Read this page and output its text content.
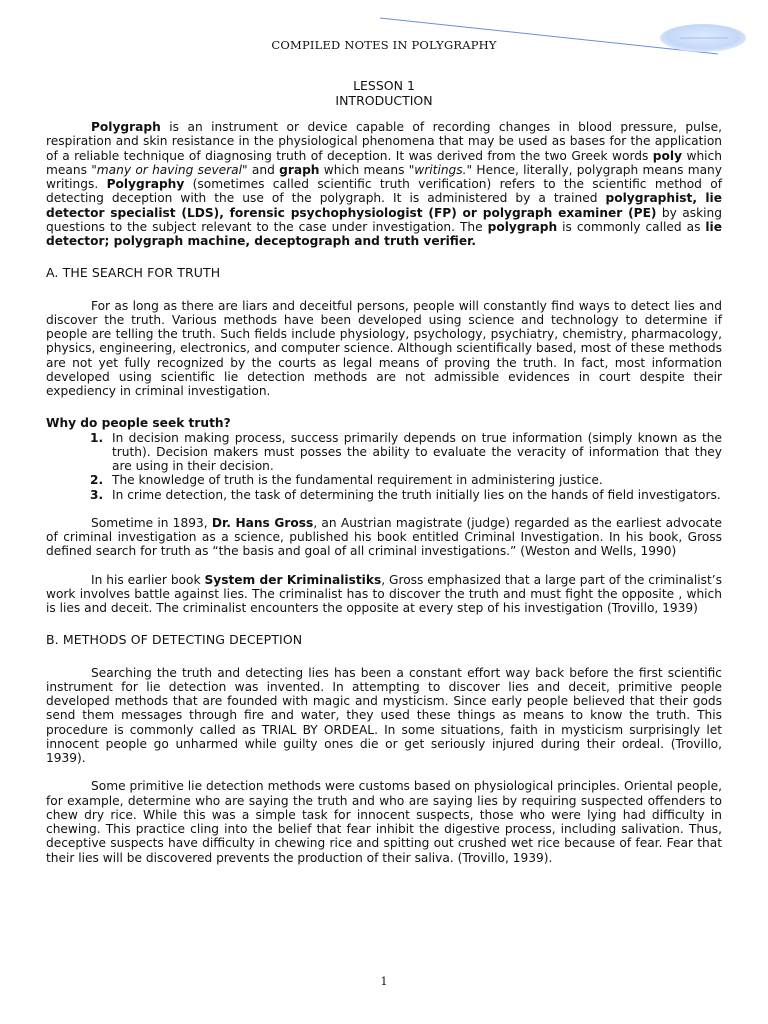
COMPILED NOTES IN POLYGRAPHY
LESSON 1
INTRODUCTION

Polygraph is an instrument or device capable of recording changes in blood pressure, pulse, respiration and skin resistance in the physiological phenomena that may be used as bases for the application of a reliable technique of diagnosing truth of deception. It was derived from the two Greek words poly which means "many or having several" and graph which means "writings." Hence, literally, polygraph means many writings. Polygraphy (sometimes called scientific truth verification) refers to the scientific method of detecting deception with the use of the polygraph. It is administered by a trained polygraphist, lie detector specialist (LDS), forensic psychophysiologist (FP) or polygraph examiner (PE) by asking questions to the subject relevant to the case under investigation. The polygraph is commonly called as lie detector; polygraph machine, deceptograph and truth verifier.

A. THE SEARCH FOR TRUTH

For as long as there are liars and deceitful persons, people will constantly find ways to detect lies and discover the truth. Various methods have been developed using science and technology to determine if people are telling the truth. Such fields include physiology, psychology, psychiatry, chemistry, pharmacology, physics, engineering, electronics, and computer science. Although scientifically based, most of these methods are not yet fully recognized by the courts as legal means of proving the truth. In fact, most information developed using scientific lie detection methods are not admissible evidences in court despite their expediency in criminal investigation.

Why do people seek truth?
1. In decision making process, success primarily depends on true information (simply known as the truth). Decision makers must posses the ability to evaluate the veracity of information that they are using in their decision.
2. The knowledge of truth is the fundamental requirement in administering justice.
3. In crime detection, the task of determining the truth initially lies on the hands of field investigators.

Sometime in 1893, Dr. Hans Gross, an Austrian magistrate (judge) regarded as the earliest advocate of criminal investigation as a science, published his book entitled Criminal Investigation. In his book, Gross defined search for truth as “the basis and goal of all criminal investigations.” (Weston and Wells, 1990)

In his earlier book System der Kriminalistiks, Gross emphasized that a large part of the criminalist’s work involves battle against lies. The criminalist has to discover the truth and must fight the opposite , which is lies and deceit. The criminalist encounters the opposite at every step of his investigation (Trovillo, 1939)

B. METHODS OF DETECTING DECEPTION

Searching the truth and detecting lies has been a constant effort way back before the first scientific instrument for lie detection was invented. In attempting to discover lies and deceit, primitive people developed methods that are founded with magic and mysticism. Since early people believed that their gods send them messages through fire and water, they used these things as means to know the truth. This procedure is commonly called as TRIAL BY ORDEAL. In some situations, faith in mysticism surprisingly let innocent people go unharmed while guilty ones die or get seriously injured during their ordeal. (Trovillo, 1939).

Some primitive lie detection methods were customs based on physiological principles. Oriental people, for example, determine who are saying the truth and who are saying lies by requiring suspected offenders to chew dry rice. While this was a simple task for innocent suspects, those who were lying had difficulty in chewing. This practice cling into the belief that fear inhibit the digestive process, including salivation. Thus, deceptive suspects have difficulty in chewing rice and spitting out crushed wet rice because of fear. Fear that their lies will be discovered prevents the production of their saliva. (Trovillo, 1939).

1
